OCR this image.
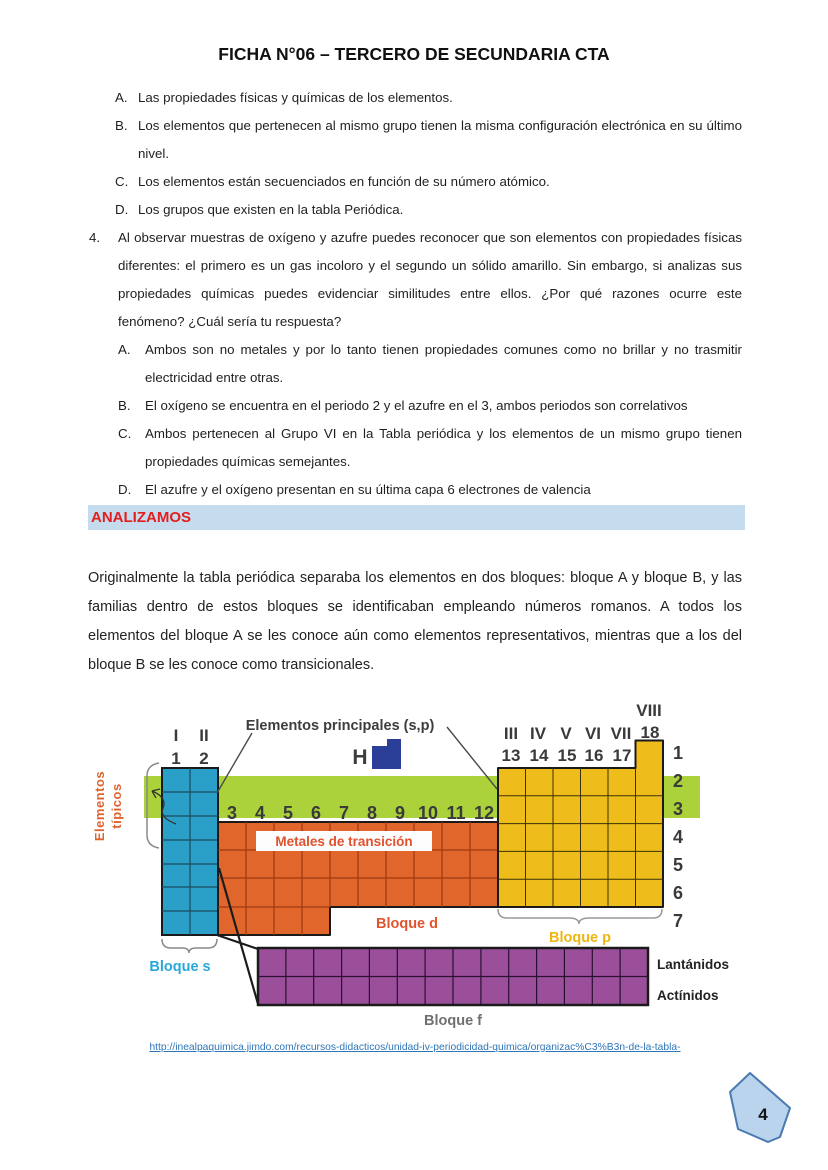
FICHA N°06 – TERCERO DE SECUNDARIA CTA
A. Las propiedades físicas y químicas de los elementos.
B. Los elementos que pertenecen al mismo grupo tienen la misma configuración electrónica en su último nivel.
C. Los elementos están secuenciados en función de su número atómico.
D. Los grupos que existen en la tabla Periódica.
4.	Al observar muestras de oxígeno y azufre puedes reconocer que son elementos con propiedades físicas diferentes: el primero es un gas incoloro y el segundo un sólido amarillo. Sin embargo, si analizas sus propiedades químicas puedes evidenciar similitudes entre ellos. ¿Por qué razones ocurre este fenómeno? ¿Cuál sería tu respuesta?
A.	Ambos son no metales y por lo tanto tienen propiedades comunes como no brillar y no trasmitir electricidad entre otras.
B.	El oxígeno se encuentra en el periodo 2 y el azufre en el 3, ambos periodos son correlativos
C.	Ambos pertenecen al Grupo VI en la Tabla periódica y los elementos de un mismo grupo tienen propiedades químicas semejantes.
D.	El azufre y el oxígeno presentan en su última capa 6 electrones de valencia
ANALIZAMOS
Originalmente la tabla periódica separaba los elementos en dos bloques: bloque A y bloque B, y las familias dentro de estos bloques se identificaban empleando números romanos. A todos los elementos del bloque A se les conoce aún como elementos representativos, mientras que a los del bloque B se les conoce como transicionales.
Metales de transición
H
Elementos principales (s,p)
Elementos típicos
I II
1 2
III IV V VI VII
VIII
13 14 15 16 17
18
3 4 5 6 7 8 9 10 11 12
1
2
3
4
5
6
7
Bloque s
Bloque d
Bloque p
Bloque f
Lantánidos
Actínidos
http://inealpaquimica.jimdo.com/recursos-didacticos/unidad-iv-periodicidad-quimica/organizac%C3%B3n-de-la-tabla-
4
